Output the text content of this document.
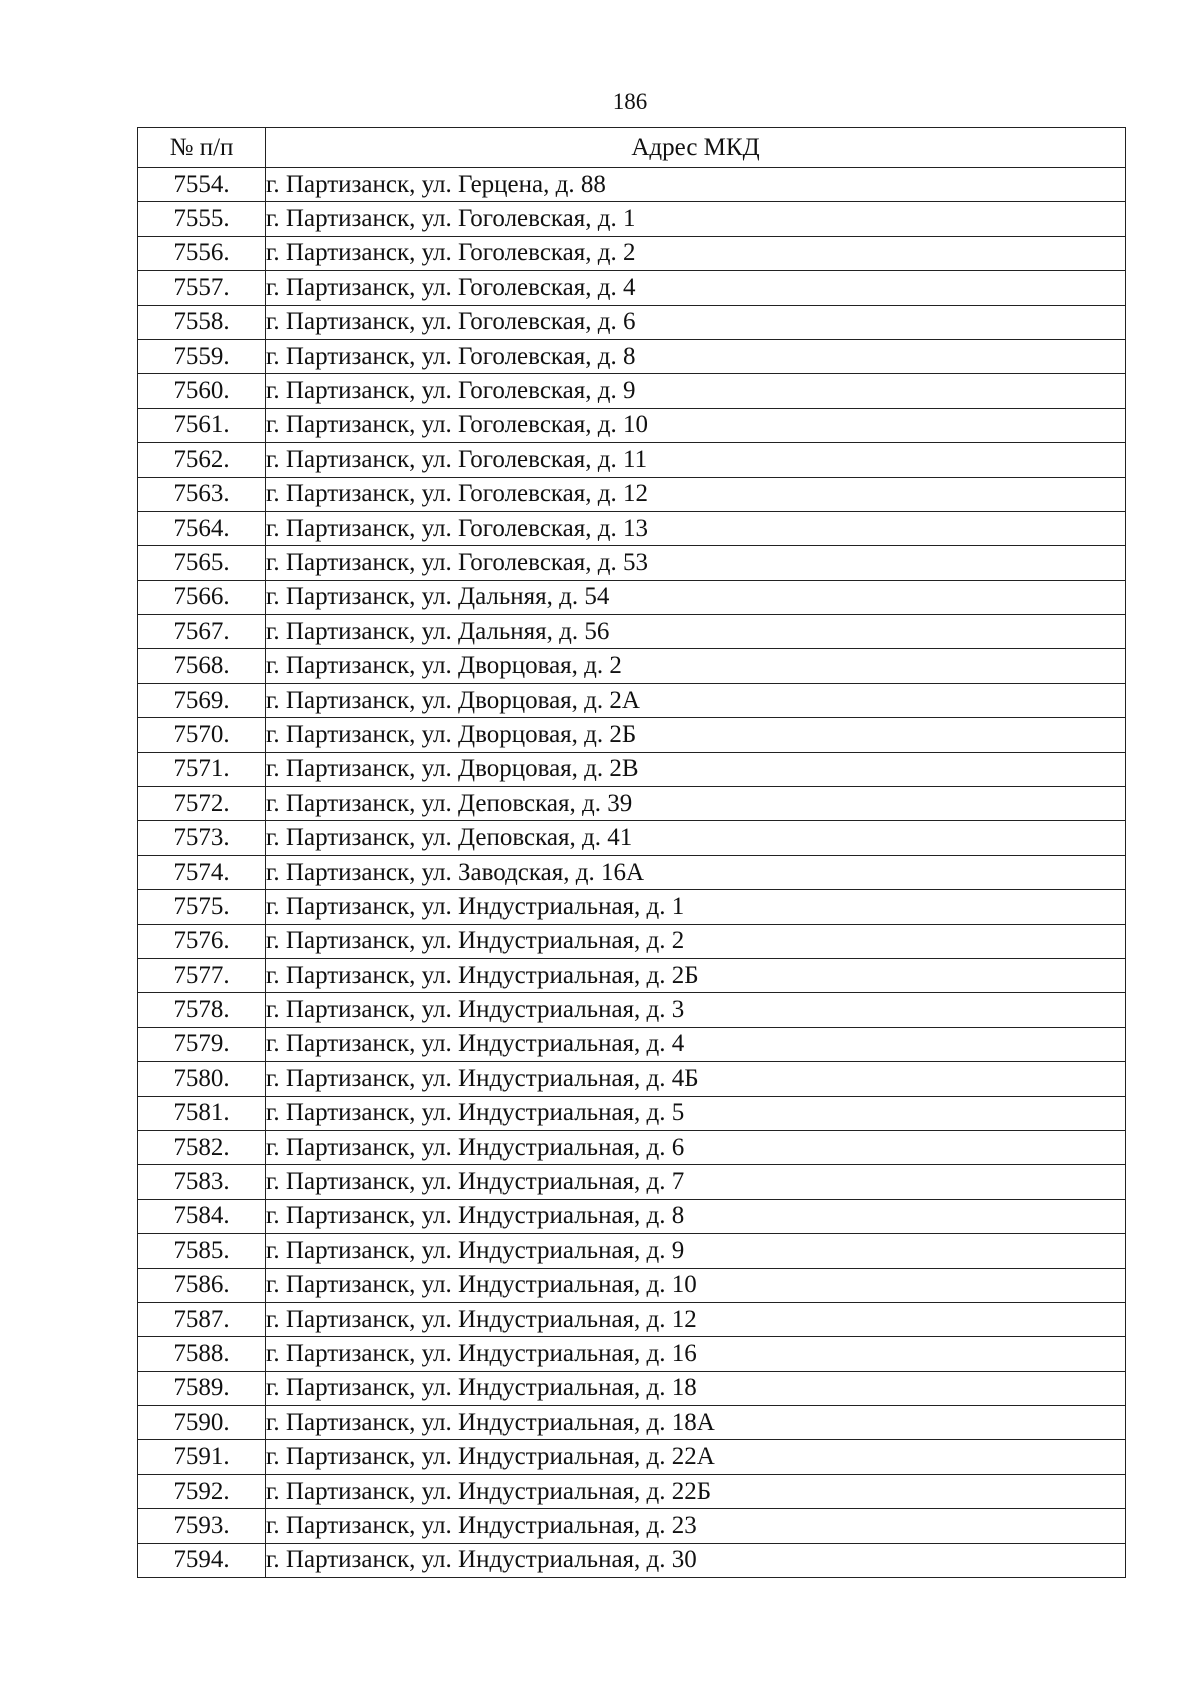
186
№ п/п	Адрес МКД
7554.	г. Партизанск, ул. Герцена, д. 88
7555.	г. Партизанск, ул. Гоголевская, д. 1
7556.	г. Партизанск, ул. Гоголевская, д. 2
7557.	г. Партизанск, ул. Гоголевская, д. 4
7558.	г. Партизанск, ул. Гоголевская, д. 6
7559.	г. Партизанск, ул. Гоголевская, д. 8
7560.	г. Партизанск, ул. Гоголевская, д. 9
7561.	г. Партизанск, ул. Гоголевская, д. 10
7562.	г. Партизанск, ул. Гоголевская, д. 11
7563.	г. Партизанск, ул. Гоголевская, д. 12
7564.	г. Партизанск, ул. Гоголевская, д. 13
7565.	г. Партизанск, ул. Гоголевская, д. 53
7566.	г. Партизанск, ул. Дальняя, д. 54
7567.	г. Партизанск, ул. Дальняя, д. 56
7568.	г. Партизанск, ул. Дворцовая, д. 2
7569.	г. Партизанск, ул. Дворцовая, д. 2А
7570.	г. Партизанск, ул. Дворцовая, д. 2Б
7571.	г. Партизанск, ул. Дворцовая, д. 2В
7572.	г. Партизанск, ул. Деповская, д. 39
7573.	г. Партизанск, ул. Деповская, д. 41
7574.	г. Партизанск, ул. Заводская, д. 16А
7575.	г. Партизанск, ул. Индустриальная, д. 1
7576.	г. Партизанск, ул. Индустриальная, д. 2
7577.	г. Партизанск, ул. Индустриальная, д. 2Б
7578.	г. Партизанск, ул. Индустриальная, д. 3
7579.	г. Партизанск, ул. Индустриальная, д. 4
7580.	г. Партизанск, ул. Индустриальная, д. 4Б
7581.	г. Партизанск, ул. Индустриальная, д. 5
7582.	г. Партизанск, ул. Индустриальная, д. 6
7583.	г. Партизанск, ул. Индустриальная, д. 7
7584.	г. Партизанск, ул. Индустриальная, д. 8
7585.	г. Партизанск, ул. Индустриальная, д. 9
7586.	г. Партизанск, ул. Индустриальная, д. 10
7587.	г. Партизанск, ул. Индустриальная, д. 12
7588.	г. Партизанск, ул. Индустриальная, д. 16
7589.	г. Партизанск, ул. Индустриальная, д. 18
7590.	г. Партизанск, ул. Индустриальная, д. 18А
7591.	г. Партизанск, ул. Индустриальная, д. 22А
7592.	г. Партизанск, ул. Индустриальная, д. 22Б
7593.	г. Партизанск, ул. Индустриальная, д. 23
7594.	г. Партизанск, ул. Индустриальная, д. 30
